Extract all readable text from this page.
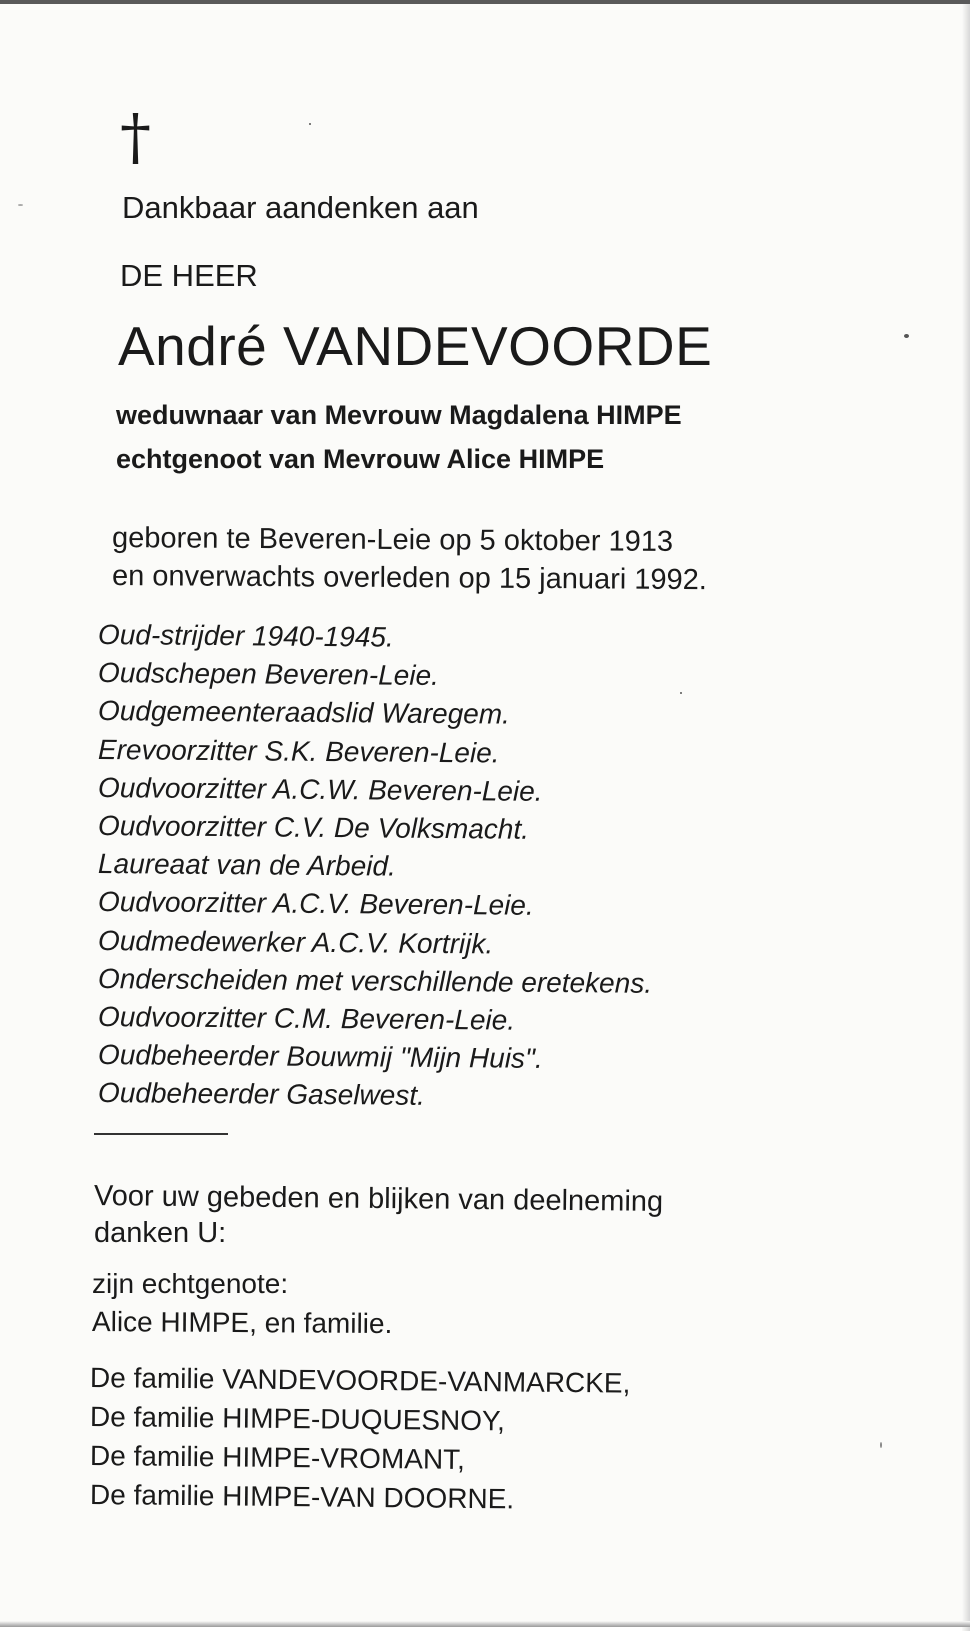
†
Dankbaar aandenken aan
DE HEER
André VANDEVOORDE
weduwnaar van Mevrouw Magdalena HIMPE
echtgenoot van Mevrouw Alice HIMPE
geboren te Beveren-Leie op 5 oktober 1913
en onverwachts overleden op 15 januari 1992.
Oud-strijder 1940-1945.
Oudschepen Beveren-Leie.
Oudgemeenteraadslid Waregem.
Erevoorzitter S.K. Beveren-Leie.
Oudvoorzitter A.C.W. Beveren-Leie.
Oudvoorzitter C.V. De Volksmacht.
Laureaat van de Arbeid.
Oudvoorzitter A.C.V. Beveren-Leie.
Oudmedewerker A.C.V. Kortrijk.
Onderscheiden met verschillende eretekens.
Oudvoorzitter C.M. Beveren-Leie.
Oudbeheerder Bouwmij "Mijn Huis".
Oudbeheerder Gaselwest.
Voor uw gebeden en blijken van deelneming
danken U:
zijn echtgenote:
Alice HIMPE, en familie.
De familie VANDEVOORDE-VANMARCKE,
De familie HIMPE-DUQUESNOY,
De familie HIMPE-VROMANT,
De familie HIMPE-VAN DOORNE.
